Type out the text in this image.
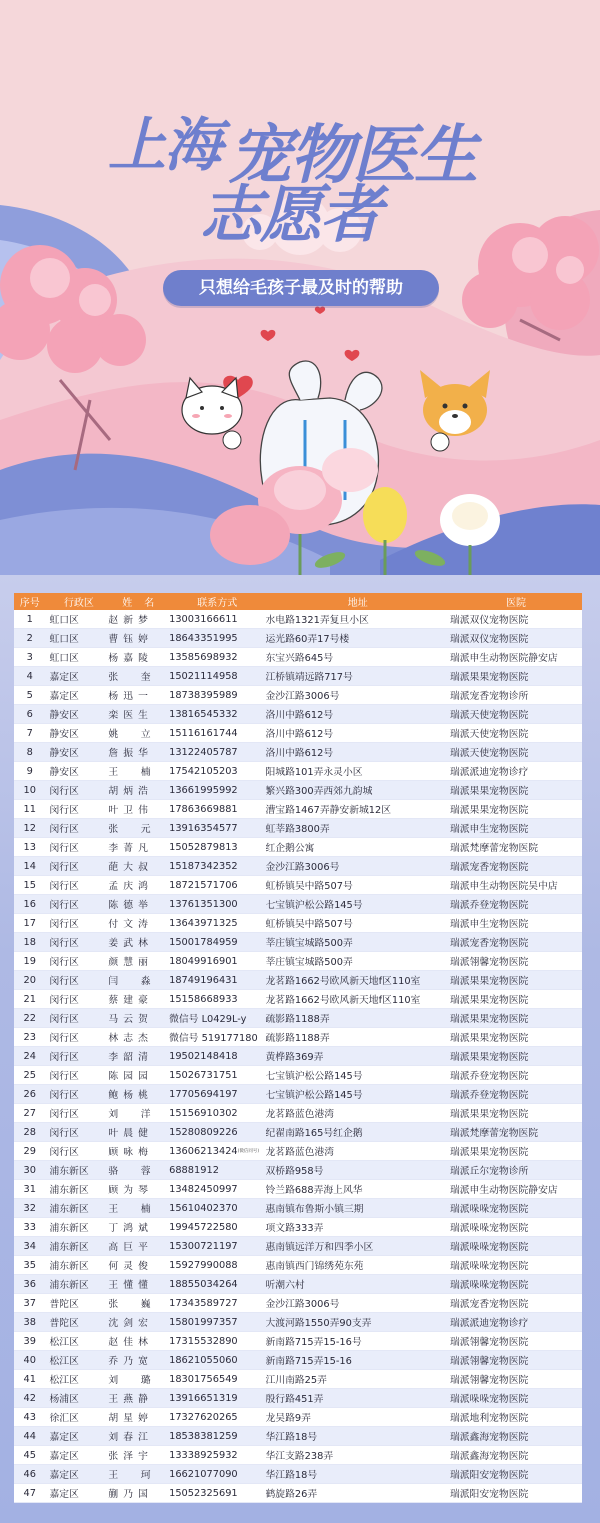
上海 宠物医生
志愿者
只想给毛孩子最及时的帮助
序号	行政区	姓　名	联系方式	地址	医院
1	虹口区	赵 新 梦	13003166611	水电路1321弄复旦小区	瑞派双仪宠物医院
2	虹口区	曹 钰 婷	18643351995	运光路60弄17号楼	瑞派双仪宠物医院
3	虹口区	杨 嘉 陵	13585698932	东宝兴路645号	瑞派申生动物医院静安店
4	嘉定区	张　　奎	15021114958	江桥镇靖远路717号	瑞派果果宠物医院
5	嘉定区	杨 迅 一	18738395989	金沙江路3006号	瑞派宠香宠物诊所
6	静安区	栾 医 生	13816545332	洛川中路612号	瑞派天使宠物医院
7	静安区	姚　　立	15116161744	洛川中路612号	瑞派天使宠物医院
8	静安区	詹 振 华	13122405787	洛川中路612号	瑞派天使宠物医院
9	静安区	王　　楠	17542105203	阳城路101弄永灵小区	瑞派派迪宠物诊疗
10	闵行区	胡 炳 浩	13661995992	繁兴路300弄西郊九韵城	瑞派果果宠物医院
11	闵行区	叶 卫 伟	17863669881	漕宝路1467弄静安新城12区	瑞派果果宠物医院
12	闵行区	张　　元	13916354577	虹莘路3800弄	瑞派申生宠物医院
13	闵行区	李 菁 凡	15052879813	红企鹅公寓	瑞派梵摩蕾宠物医院
14	闵行区	葩 大 叔	15187342352	金沙江路3006号	瑞派宠香宠物医院
15	闵行区	孟 庆 鸿	18721571706	虹桥镇吴中路507号	瑞派申生动物医院吴中店
16	闵行区	陈 德 举	13761351300	七宝镇沪松公路145号	瑞派乔登宠物医院
17	闵行区	付 文 涛	13643971325	虹桥镇吴中路507号	瑞派申生宠物医院
18	闵行区	姜 武 林	15001784959	莘庄镇宝城路500弄	瑞派宠香宠物医院
19	闵行区	颜 慧 丽	18049916901	莘庄镇宝城路500弄	瑞派翎馨宠物医院
20	闵行区	闫　　淼	18749196431	龙茗路1662号欧风新天地f区110室	瑞派果果宠物医院
21	闵行区	蔡 建 豪	15158668933	龙茗路1662号欧风新天地f区110室	瑞派果果宠物医院
22	闵行区	马 云 贺	微信号 L0429L-y	疏影路1188弄	瑞派果果宠物医院
23	闵行区	林 志 杰	微信号 519177180	疏影路1188弄	瑞派果果宠物医院
24	闵行区	李 韶 清	19502148418	黄桦路369弄	瑞派果果宠物医院
25	闵行区	陈 园 园	15026731751	七宝镇沪松公路145号	瑞派乔登宠物医院
26	闵行区	鲍 杨 桃	17705694197	七宝镇沪松公路145号	瑞派乔登宠物医院
27	闵行区	刘　　洋	15156910302	龙茗路蓝色港湾	瑞派果果宠物医院
28	闵行区	叶 晨 健	15280809226	纪翟南路165号红企鹅	瑞派梵摩蕾宠物医院
29	闵行区	顾 咏 梅	13606213424(微信同号)	龙茗路蓝色港湾	瑞派果果宠物医院
30	浦东新区	骆　　蓉	68881912	双桥路958号	瑞派丘尔宠物诊所
31	浦东新区	顾 为 琴	13482450997	铃兰路688弄海上风华	瑞派申生动物医院静安店
32	浦东新区	王　　楠	15610402370	惠南镇布鲁斯小镇三期	瑞派哚哚宠物医院
33	浦东新区	丁 鸿 斌	19945722580	项文路333弄	瑞派哚哚宠物医院
34	浦东新区	高 巨 平	15300721197	惠南镇远洋万和四季小区	瑞派哚哚宠物医院
35	浦东新区	何 灵 俊	15927990088	惠南镇西门锦绣苑东苑	瑞派哚哚宠物医院
36	浦东新区	王 懂 懂	18855034264	听潮六村	瑞派哚哚宠物医院
37	普陀区	张　　巍	17343589727	金沙江路3006号	瑞派宠香宠物医院
38	普陀区	沈 剑 宏	15801997357	大渡河路1550弄90支弄	瑞派派迪宠物诊疗
39	松江区	赵 佳 林	17315532890	新南路715弄15-16号	瑞派翎馨宠物医院
40	松江区	乔 乃 宽	18621055060	新南路715弄15-16	瑞派翎馨宠物医院
41	松江区	刘　　璐	18301756549	江川南路25弄	瑞派翎馨宠物医院
42	杨浦区	王 燕 静	13916651319	殷行路451弄	瑞派哚哚宠物医院
43	徐汇区	胡 星 婷	17327620265	龙吴路9弄	瑞派地利宠物医院
44	嘉定区	刘 春 江	18538381259	华江路18号	瑞派鑫海宠物医院
45	嘉定区	张 泽 宇	13338925932	华江支路238弄	瑞派鑫海宠物医院
46	嘉定区	王　　珂	16621077090	华江路18号	瑞派阳安宠物医院
47	嘉定区	蒯 乃 国	15052325691	鹤旋路26弄	瑞派阳安宠物医院
